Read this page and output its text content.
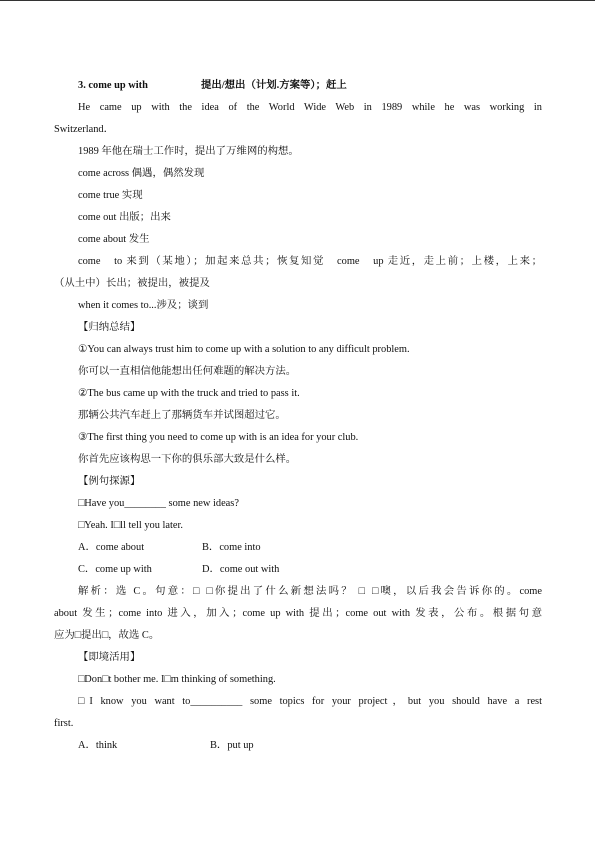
3. come up with	提出/想出（计划.方案等）；赶上
He came up with the idea of the World Wide Web in 1989 while he was working in
Switzerland．
1989 年他在瑞士工作时，提出了万维网的构想。
come across 偶遇，偶然发现
come true 实现
come out 出版；出来
come about 发生
come　to 来到（某地）；加起来总共；恢复知觉　come　up 走近，走上前；上楼，上来；
（从土中）长出；被提出，被提及
when it comes to...涉及；谈到
【归纳总结】
①You can always trust him to come up with a solution to any difficult problem.
你可以一直相信他能想出任何难题的解决方法。
②The bus came up with the truck and tried to pass it.
那辆公共汽车赶上了那辆货车并试图超过它。
③The first thing you need to come up with is an idea for your club.
你首先应该构思一下你的俱乐部大致是什么样。
【例句探源】
□Have you________ some new ideas?
□Yeah. I□ll tell you later.
A．come about	B．come into
C．come up with	D．come out with
解析：选 C。句意：□ □你提出了什么新想法吗？ □ □噢，以后我会告诉你的。come
about 发生；come into 进入，加入；come up with 提出；come out with 发表，公布。根据句意
应为□提出□，故选 C。
【即境活用】
□Don□t bother me. I□m thinking of something.
□I know you want to__________ some topics for your project，but you should have a rest
first.
A．think	B．put up
